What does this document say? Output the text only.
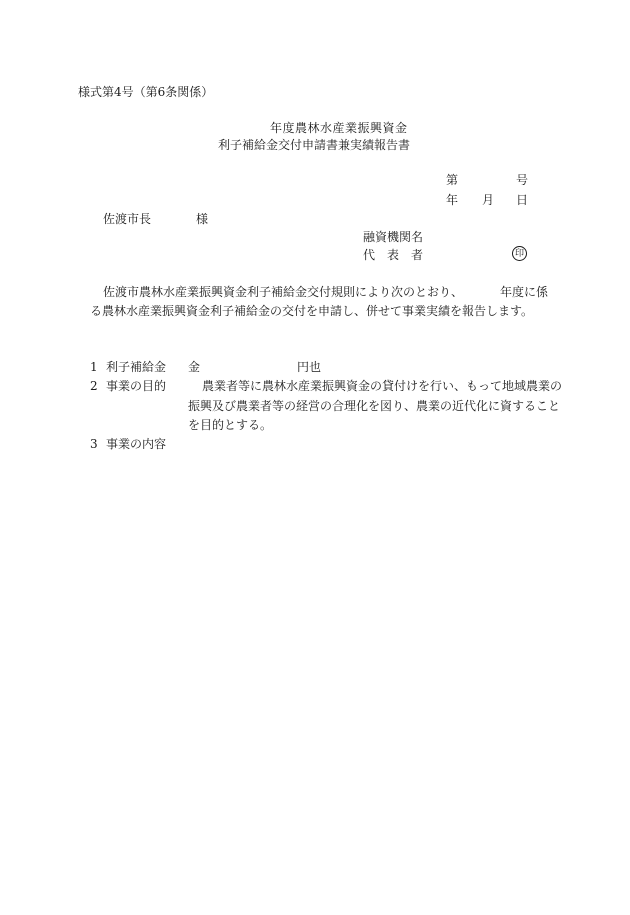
様式第4号（第6条関係）
年度農林水産業振興資金
利子補給金交付申請書兼実績報告書
第	号
年 月 日
佐渡市長	様
融資機関名
代　表　者	印
佐渡市農林水産業振興資金利子補給金交付規則により次のとおり、	年度に係
る農林水産業振興資金利子補給金の交付を申請し、併せて事業実績を報告します。
1 利子補給金 金	円也
2 事業の目的	農業者等に農林水産業振興資金の貸付けを行い、もって地域農業の
振興及び農業者等の経営の合理化を図り、農業の近代化に資すること
を目的とする。
3 事業の内容
